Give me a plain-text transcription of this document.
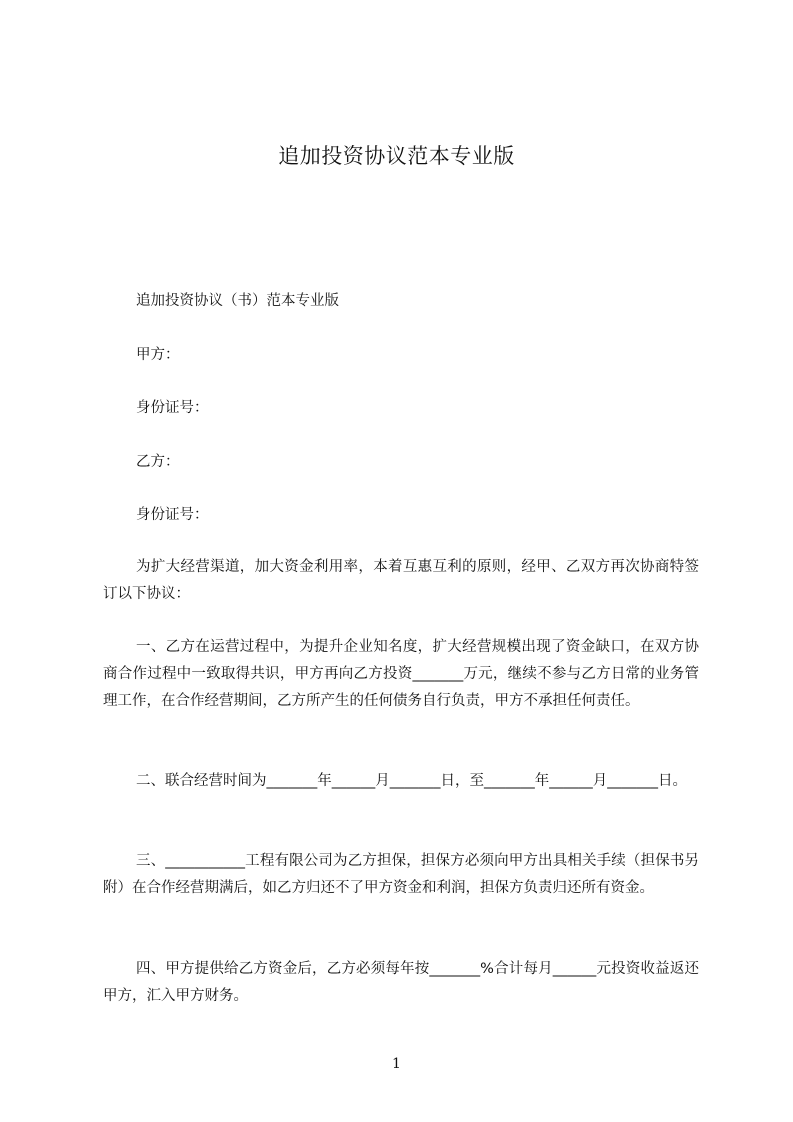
追加投资协议范本专业版

追加投资协议（书）范本专业版

甲方：

身份证号：

乙方：

身份证号：

为扩大经营渠道，加大资金利用率，本着互惠互利的原则，经甲、乙双方再次协商特签订以下协议：

一、乙方在运营过程中，为提升企业知名度，扩大经营规模出现了资金缺口，在双方协商合作过程中一致取得共识，甲方再向乙方投资_______万元，继续不参与乙方日常的业务管理工作，在合作经营期间，乙方所产生的任何债务自行负责，甲方不承担任何责任。

二、联合经营时间为_______年______月_______日，至_______年______月_______日。

三、___________工程有限公司为乙方担保，担保方必须向甲方出具相关手续（担保书另附）在合作经营期满后，如乙方归还不了甲方资金和利润，担保方负责归还所有资金。

四、甲方提供给乙方资金后，乙方必须每年按_______%合计每月______元投资收益返还甲方，汇入甲方财务。

1
